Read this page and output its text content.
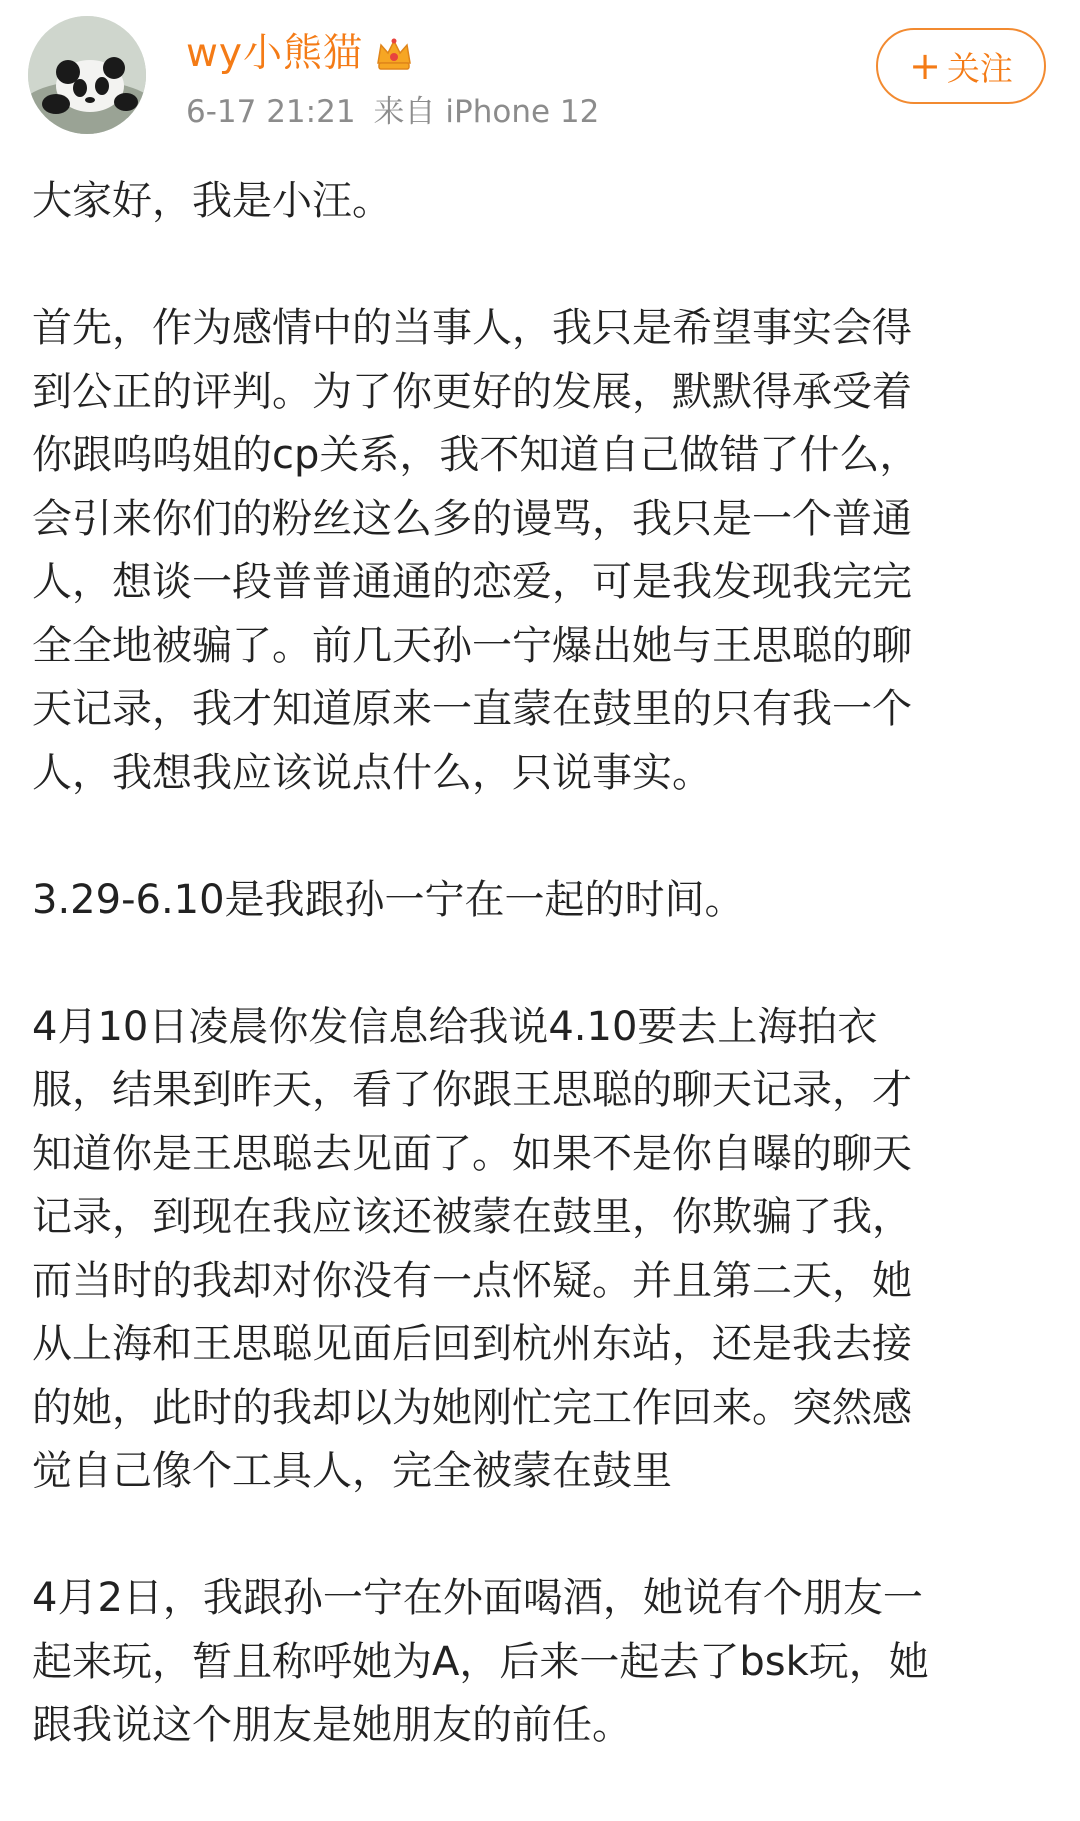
wy小熊猫
6-17 21:21 来自 iPhone 12
+ 关注

大家好，我是小汪。

首先，作为感情中的当事人，我只是希望事实会得
到公正的评判。为了你更好的发展，默默得承受着
你跟呜呜姐的cp关系，我不知道自己做错了什么，
会引来你们的粉丝这么多的谩骂，我只是一个普通
人，想谈一段普普通通的恋爱，可是我发现我完完
全全地被骗了。前几天孙一宁爆出她与王思聪的聊
天记录，我才知道原来一直蒙在鼓里的只有我一个
人，我想我应该说点什么，只说事实。

3.29-6.10是我跟孙一宁在一起的时间。

4月10日凌晨你发信息给我说4.10要去上海拍衣
服，结果到昨天，看了你跟王思聪的聊天记录，才
知道你是王思聪去见面了。如果不是你自曝的聊天
记录，到现在我应该还被蒙在鼓里，你欺骗了我，
而当时的我却对你没有一点怀疑。并且第二天，她
从上海和王思聪见面后回到杭州东站，还是我去接
的她，此时的我却以为她刚忙完工作回来。突然感
觉自己像个工具人，完全被蒙在鼓里

4月2日，我跟孙一宁在外面喝酒，她说有个朋友一
起来玩，暂且称呼她为A，后来一起去了bsk玩，她
跟我说这个朋友是她朋友的前任。
